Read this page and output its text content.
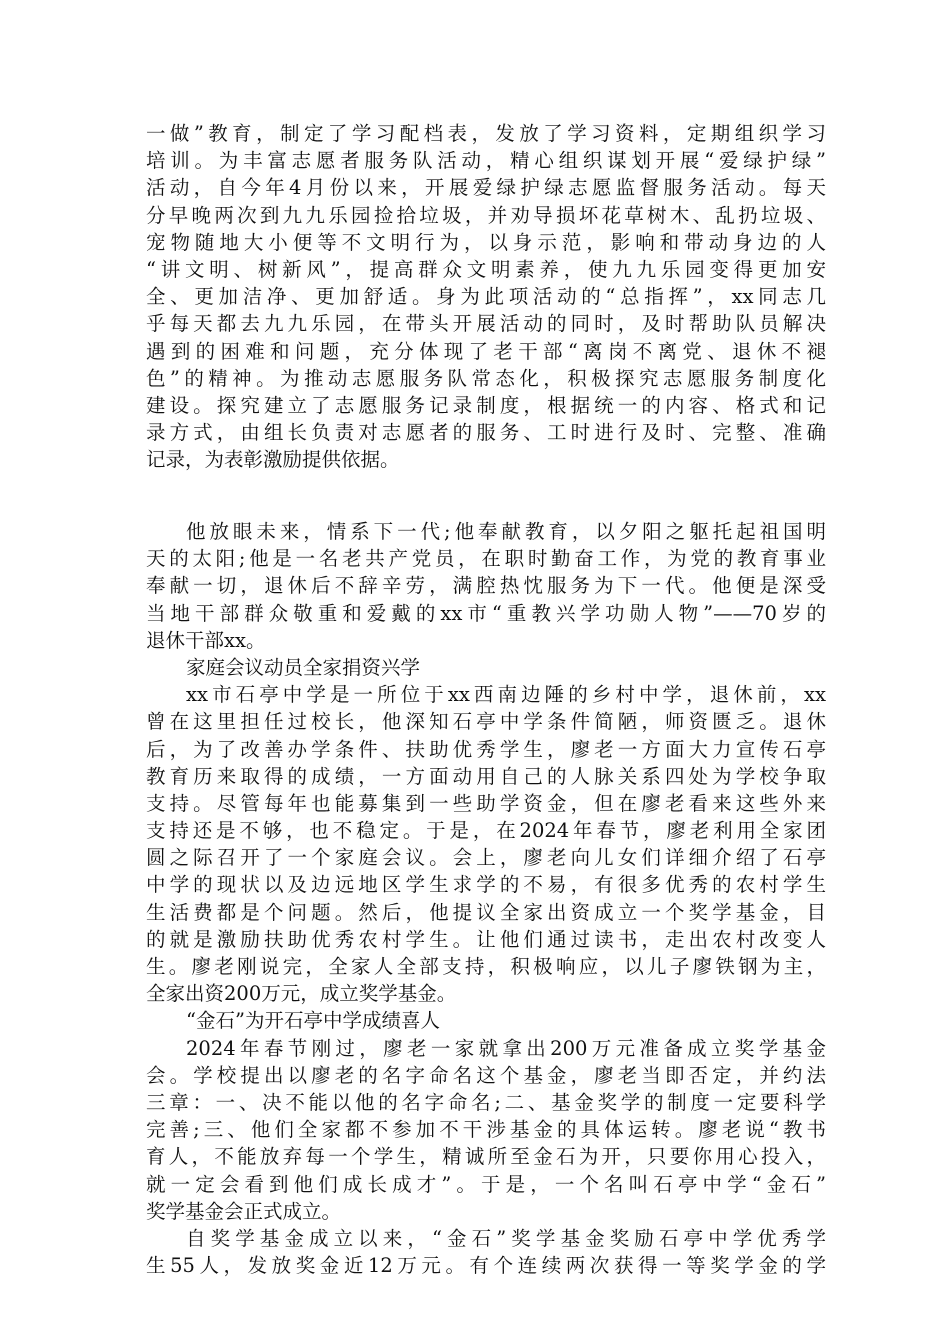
一做”教育，制定了学习配档表，发放了学习资料，定期组织学习
培训。为丰富志愿者服务队活动，精心组织谋划开展“爱绿护绿”
活动，自今年4月份以来，开展爱绿护绿志愿监督服务活动。每天
分早晚两次到九九乐园捡拾垃圾，并劝导损坏花草树木、乱扔垃圾、
宠物随地大小便等不文明行为，以身示范，影响和带动身边的人
“讲文明、树新风”，提高群众文明素养，使九九乐园变得更加安
全、更加洁净、更加舒适。身为此项活动的“总指挥”，xx同志几
乎每天都去九九乐园，在带头开展活动的同时，及时帮助队员解决
遇到的困难和问题，充分体现了老干部“离岗不离党、退休不褪
色”的精神。为推动志愿服务队常态化，积极探究志愿服务制度化
建设。探究建立了志愿服务记录制度，根据统一的内容、格式和记
录方式，由组长负责对志愿者的服务、工时进行及时、完整、准确
记录，为表彰激励提供依据。
他放眼未来，情系下一代;他奉献教育，以夕阳之躯托起祖国明
天的太阳;他是一名老共产党员，在职时勤奋工作，为党的教育事业
奉献一切，退休后不辞辛劳，满腔热忱服务为下一代。他便是深受
当地干部群众敬重和爱戴的xx市“重教兴学功勋人物”——70岁的
退休干部xx。
家庭会议动员全家捐资兴学
xx市石亭中学是一所位于xx西南边陲的乡村中学，退休前，xx
曾在这里担任过校长，他深知石亭中学条件简陋，师资匮乏。退休
后，为了改善办学条件、扶助优秀学生，廖老一方面大力宣传石亭
教育历来取得的成绩，一方面动用自己的人脉关系四处为学校争取
支持。尽管每年也能募集到一些助学资金，但在廖老看来这些外来
支持还是不够，也不稳定。于是，在2024年春节，廖老利用全家团
圆之际召开了一个家庭会议。会上，廖老向儿女们详细介绍了石亭
中学的现状以及边远地区学生求学的不易，有很多优秀的农村学生
生活费都是个问题。然后，他提议全家出资成立一个奖学基金，目
的就是激励扶助优秀农村学生。让他们通过读书，走出农村改变人
生。廖老刚说完，全家人全部支持，积极响应，以儿子廖铁钢为主，
全家出资200万元，成立奖学基金。
“金石”为开石亭中学成绩喜人
2024年春节刚过，廖老一家就拿出200万元准备成立奖学基金
会。学校提出以廖老的名字命名这个基金，廖老当即否定，并约法
三章：一、决不能以他的名字命名;二、基金奖学的制度一定要科学
完善;三、他们全家都不参加不干涉基金的具体运转。廖老说“教书
育人，不能放弃每一个学生，精诚所至金石为开，只要你用心投入，
就一定会看到他们成长成才”。于是，一个名叫石亭中学“金石”
奖学基金会正式成立。
自奖学基金成立以来，“金石”奖学基金奖励石亭中学优秀学
生55人，发放奖金近12万元。有个连续两次获得一等奖学金的学
